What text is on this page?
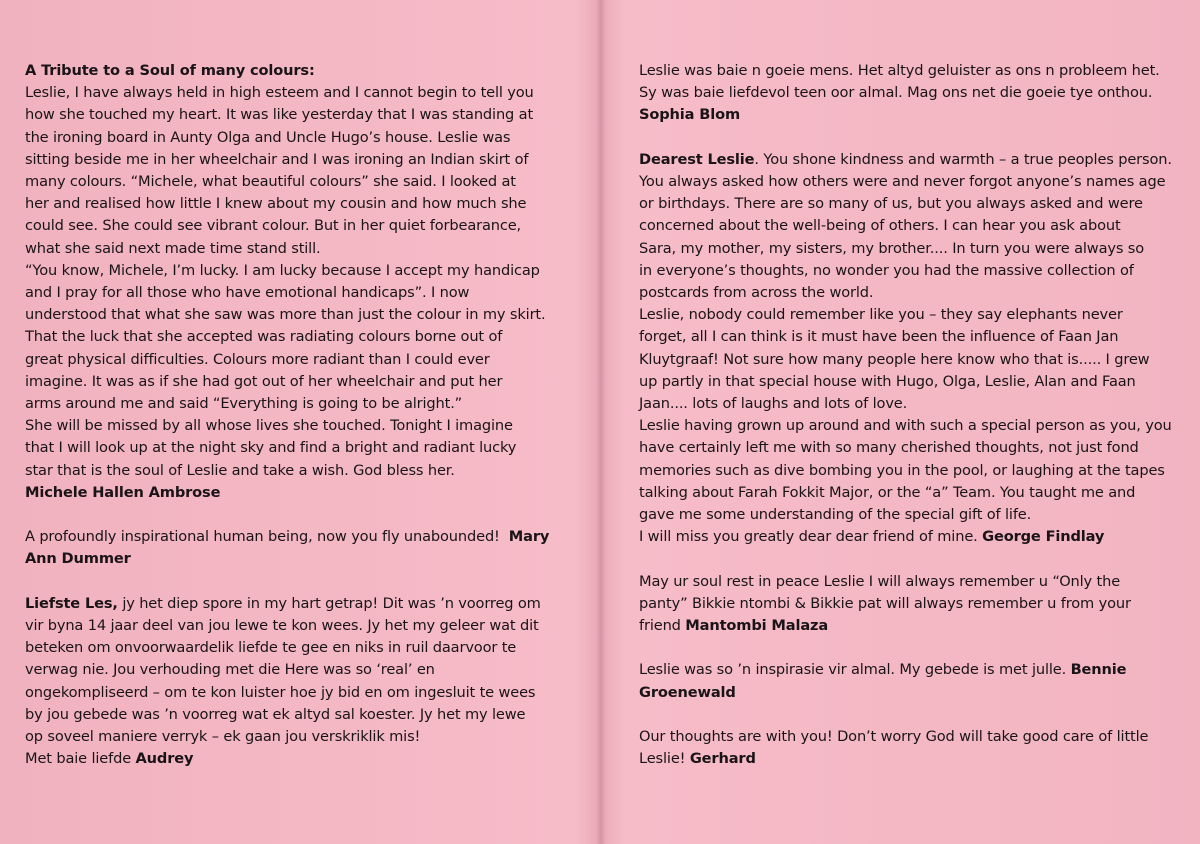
A Tribute to a Soul of many colours:
Leslie, I have always held in high esteem and I cannot begin to tell you
how she touched my heart. It was like yesterday that I was standing at
the ironing board in Aunty Olga and Uncle Hugo’s house. Leslie was
sitting beside me in her wheelchair and I was ironing an Indian skirt of
many colours. “Michele, what beautiful colours” she said. I looked at
her and realised how little I knew about my cousin and how much she
could see. She could see vibrant colour. But in her quiet forbearance,
what she said next made time stand still.
“You know, Michele, I’m lucky. I am lucky because I accept my handicap
and I pray for all those who have emotional handicaps”. I now
understood that what she saw was more than just the colour in my skirt.
That the luck that she accepted was radiating colours borne out of
great physical difficulties. Colours more radiant than I could ever
imagine. It was as if she had got out of her wheelchair and put her
arms around me and said “Everything is going to be alright.”
She will be missed by all whose lives she touched. Tonight I imagine
that I will look up at the night sky and find a bright and radiant lucky
star that is the soul of Leslie and take a wish. God bless her.
Michele Hallen Ambrose
A profoundly inspirational human being, now you fly unabounded! Mary
Ann Dummer
Liefste Les, jy het diep spore in my hart getrap! Dit was ’n voorreg om
vir byna 14 jaar deel van jou lewe te kon wees. Jy het my geleer wat dit
beteken om onvoorwaardelik liefde te gee en niks in ruil daarvoor te
verwag nie. Jou verhouding met die Here was so ‘real’ en
ongekompliseerd – om te kon luister hoe jy bid en om ingesluit te wees
by jou gebede was ’n voorreg wat ek altyd sal koester. Jy het my lewe
op soveel maniere verryk – ek gaan jou verskriklik mis!
Met baie liefde Audrey
Leslie was baie n goeie mens. Het altyd geluister as ons n probleem het.
Sy was baie liefdevol teen oor almal. Mag ons net die goeie tye onthou.
Sophia Blom
Dearest Leslie. You shone kindness and warmth – a true peoples person.
You always asked how others were and never forgot anyone’s names age
or birthdays. There are so many of us, but you always asked and were
concerned about the well-being of others. I can hear you ask about
Sara, my mother, my sisters, my brother.... In turn you were always so
in everyone’s thoughts, no wonder you had the massive collection of
postcards from across the world.
Leslie, nobody could remember like you – they say elephants never
forget, all I can think is it must have been the influence of Faan Jan
Kluytgraaf! Not sure how many people here know who that is..... I grew
up partly in that special house with Hugo, Olga, Leslie, Alan and Faan
Jaan.... lots of laughs and lots of love.
Leslie having grown up around and with such a special person as you, you
have certainly left me with so many cherished thoughts, not just fond
memories such as dive bombing you in the pool, or laughing at the tapes
talking about Farah Fokkit Major, or the “a” Team. You taught me and
gave me some understanding of the special gift of life.
I will miss you greatly dear dear friend of mine. George Findlay
May ur soul rest in peace Leslie I will always remember u “Only the
panty” Bikkie ntombi & Bikkie pat will always remember u from your
friend Mantombi Malaza
Leslie was so ’n inspirasie vir almal. My gebede is met julle. Bennie
Groenewald
Our thoughts are with you! Don’t worry God will take good care of little
Leslie! Gerhard
